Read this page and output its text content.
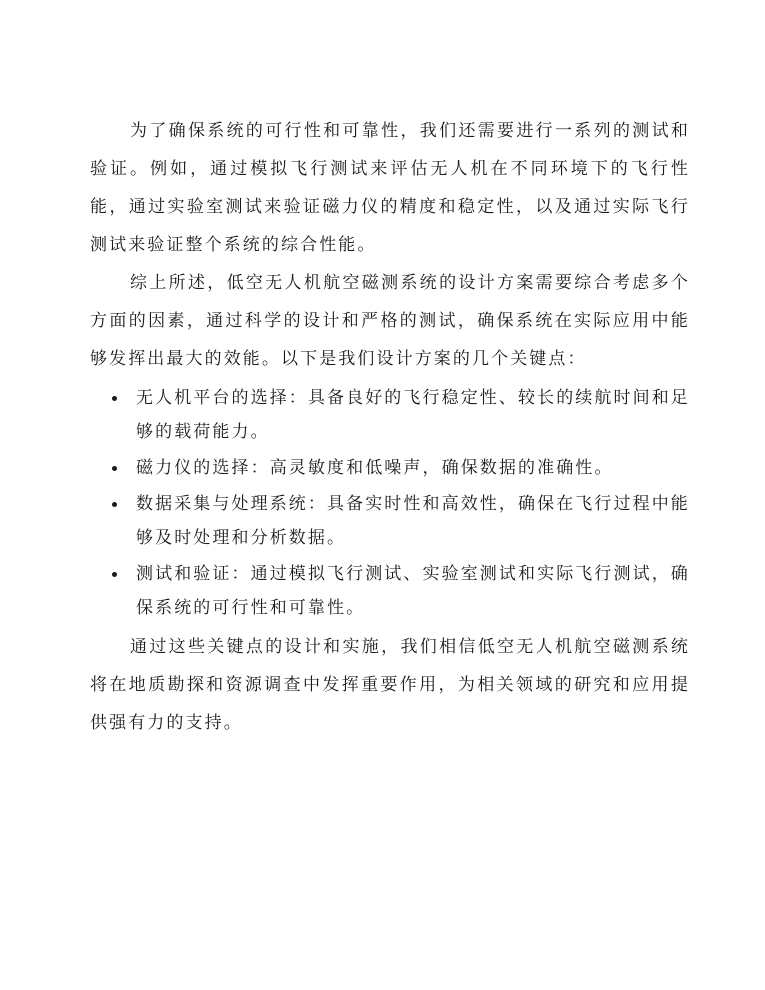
为了确保系统的可行性和可靠性，我们还需要进行一系列的测试和验证。例如，通过模拟飞行测试来评估无人机在不同环境下的飞行性能，通过实验室测试来验证磁力仪的精度和稳定性，以及通过实际飞行测试来验证整个系统的综合性能。

综上所述，低空无人机航空磁测系统的设计方案需要综合考虑多个方面的因素，通过科学的设计和严格的测试，确保系统在实际应用中能够发挥出最大的效能。以下是我们设计方案的几个关键点：

无人机平台的选择：具备良好的飞行稳定性、较长的续航时间和足够的载荷能力。
磁力仪的选择：高灵敏度和低噪声，确保数据的准确性。
数据采集与处理系统：具备实时性和高效性，确保在飞行过程中能够及时处理和分析数据。
测试和验证：通过模拟飞行测试、实验室测试和实际飞行测试，确保系统的可行性和可靠性。

通过这些关键点的设计和实施，我们相信低空无人机航空磁测系统将在地质勘探和资源调查中发挥重要作用，为相关领域的研究和应用提供强有力的支持。
